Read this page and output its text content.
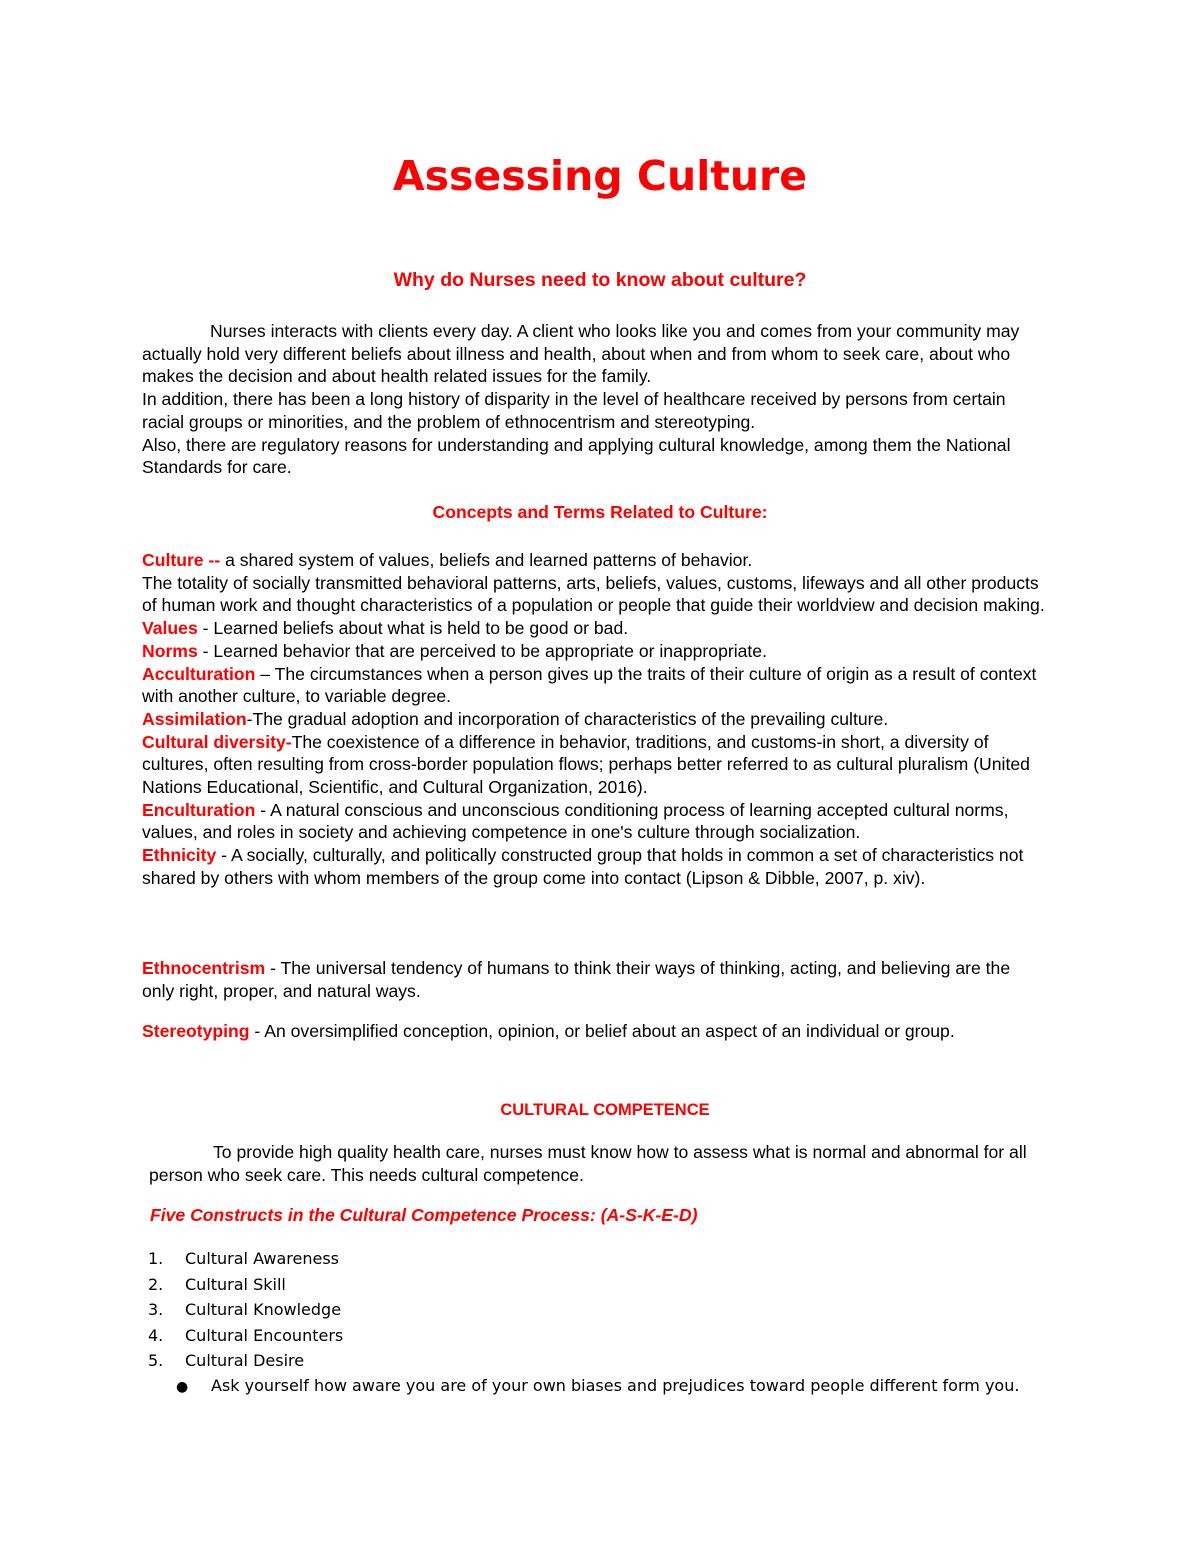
Assessing Culture
Why do Nurses need to know about culture?

Nurses interacts with clients every day. A client who looks like you and comes from your community may actually hold very different beliefs about illness and health, about when and from whom to seek care, about who makes the decision and about health related issues for the family.

In addition, there has been a long history of disparity in the level of healthcare received by persons from certain racial groups or minorities, and the problem of ethnocentrism and stereotyping.

Also, there are regulatory reasons for understanding and applying cultural knowledge, among them the National Standards for care.

Concepts and Terms Related to Culture:

Culture -- a shared system of values, beliefs and learned patterns of behavior.

The totality of socially transmitted behavioral patterns, arts, beliefs, values, customs, lifeways and all other products of human work and thought characteristics of a population or people that guide their worldview and decision making.

Values - Learned beliefs about what is held to be good or bad.

Norms - Learned behavior that are perceived to be appropriate or inappropriate.

Acculturation – The circumstances when a person gives up the traits of their culture of origin as a result of context with another culture, to variable degree.

Assimilation-The gradual adoption and incorporation of characteristics of the prevailing culture.

Cultural diversity-The coexistence of a difference in behavior, traditions, and customs-in short, a diversity of cultures, often resulting from cross-border population flows; perhaps better referred to as cultural pluralism (United Nations Educational, Scientific, and Cultural Organization, 2016).

Enculturation - A natural conscious and unconscious conditioning process of learning accepted cultural norms, values, and roles in society and achieving competence in one's culture through socialization.

Ethnicity - A socially, culturally, and politically constructed group that holds in common a set of characteristics not shared by others with whom members of the group come into contact (Lipson & Dibble, 2007, p. xiv).

Ethnocentrism - The universal tendency of humans to think their ways of thinking, acting, and believing are the only right, proper, and natural ways.

Stereotyping - An oversimplified conception, opinion, or belief about an aspect of an individual or group.

CULTURAL COMPETENCE

To provide high quality health care, nurses must know how to assess what is normal and abnormal for all person who seek care. This needs cultural competence.

Five Constructs in the Cultural Competence Process: (A-S-K-E-D)

1. Cultural Awareness
2. Cultural Skill
3. Cultural Knowledge
4. Cultural Encounters
5. Cultural Desire
● Ask yourself how aware you are of your own biases and prejudices toward people different form you.
